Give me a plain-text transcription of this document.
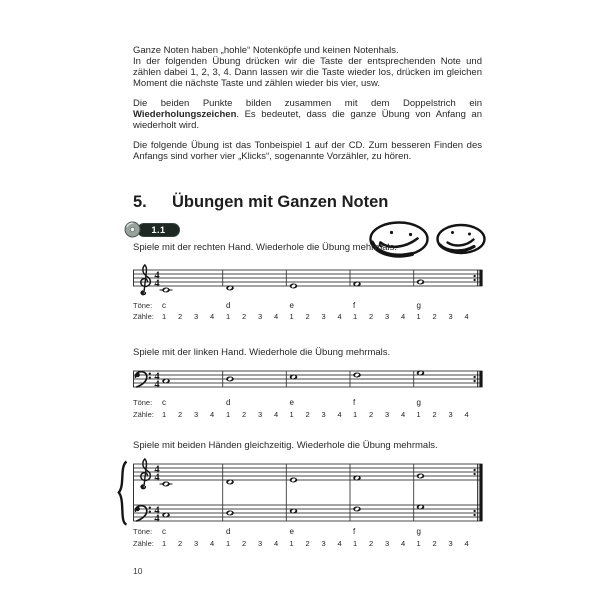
Ganze Noten haben „hohle“ Notenköpfe und keinen Notenhals.

In der folgenden Übung drücken wir die Taste der entsprechenden Note und zählen dabei 1, 2, 3, 4. Dann lassen wir die Taste wieder los, drücken im gleichen Moment die nächste Taste und zählen wieder bis vier, usw.

Die beiden Punkte bilden zusammen mit dem Doppelstrich ein Wiederholungszeichen. Es bedeutet, dass die ganze Übung von Anfang an wiederholt wird.

Die folgende Übung ist das Tonbeispiel 1 auf der CD. Zum besseren Finden des Anfangs sind vorher vier „Klicks“, sogenannte Vorzähler, zu hören.

5. Übungen mit Ganzen Noten
1.1

Spiele mit der rechten Hand. Wiederhole die Übung mehrmals.

Spiele mit der linken Hand. Wiederhole die Übung mehrmals.

Spiele mit beiden Händen gleichzeitig. Wiederhole die Übung mehrmals.

4
4
4
4
4
4
4
4
Töne: c	d	e	f	g
Zähle: 1 2 3 4 1 2 3 4 1 2 3 4 1 2 3 4 1 2 3 4
Töne: c	d	e	f	g
Zähle: 1 2 3 4 1 2 3 4 1 2 3 4 1 2 3 4 1 2 3 4
Töne: c	d	e	f	g
Zähle: 1 2 3 4 1 2 3 4 1 2 3 4 1 2 3 4 1 2 3 4
10
